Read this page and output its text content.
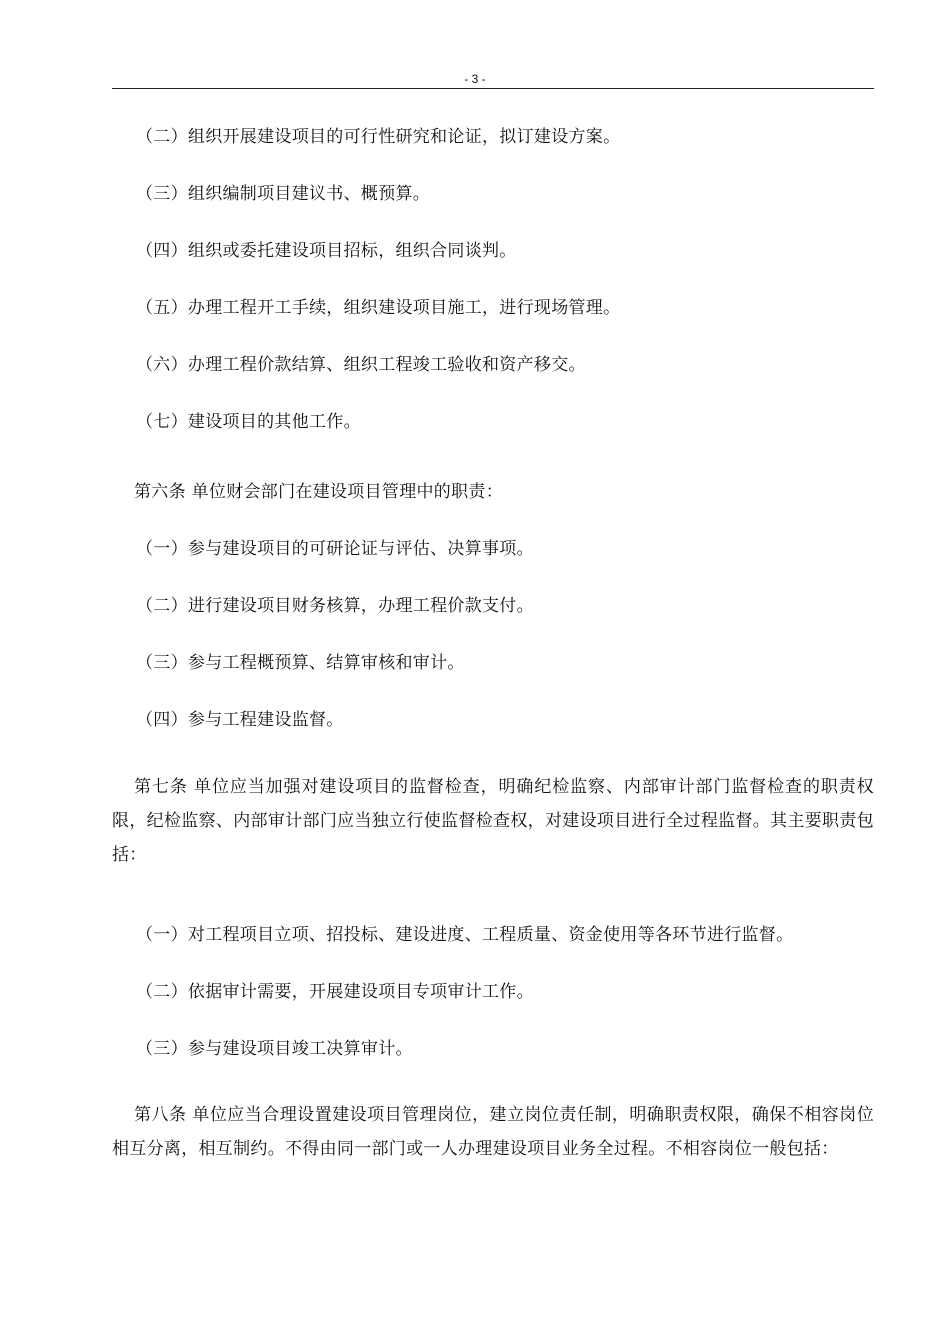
- 3 -

（二）组织开展建设项目的可行性研究和论证，拟订建设方案。

（三）组织编制项目建议书、概预算。

（四）组织或委托建设项目招标，组织合同谈判。

（五）办理工程开工手续，组织建设项目施工，进行现场管理。

（六）办理工程价款结算、组织工程竣工验收和资产移交。

（七）建设项目的其他工作。

第六条 单位财会部门在建设项目管理中的职责：

（一）参与建设项目的可研论证与评估、决算事项。

（二）进行建设项目财务核算，办理工程价款支付。

（三）参与工程概预算、结算审核和审计。

（四）参与工程建设监督。

第七条 单位应当加强对建设项目的监督检查，明确纪检监察、内部审计部门监督检查的职责权限，纪检监察、内部审计部门应当独立行使监督检查权，对建设项目进行全过程监督。其主要职责包括：

（一）对工程项目立项、招投标、建设进度、工程质量、资金使用等各环节进行监督。

（二）依据审计需要，开展建设项目专项审计工作。

（三）参与建设项目竣工决算审计。

第八条 单位应当合理设置建设项目管理岗位，建立岗位责任制，明确职责权限，确保不相容岗位相互分离，相互制约。不得由同一部门或一人办理建设项目业务全过程。不相容岗位一般包括：
